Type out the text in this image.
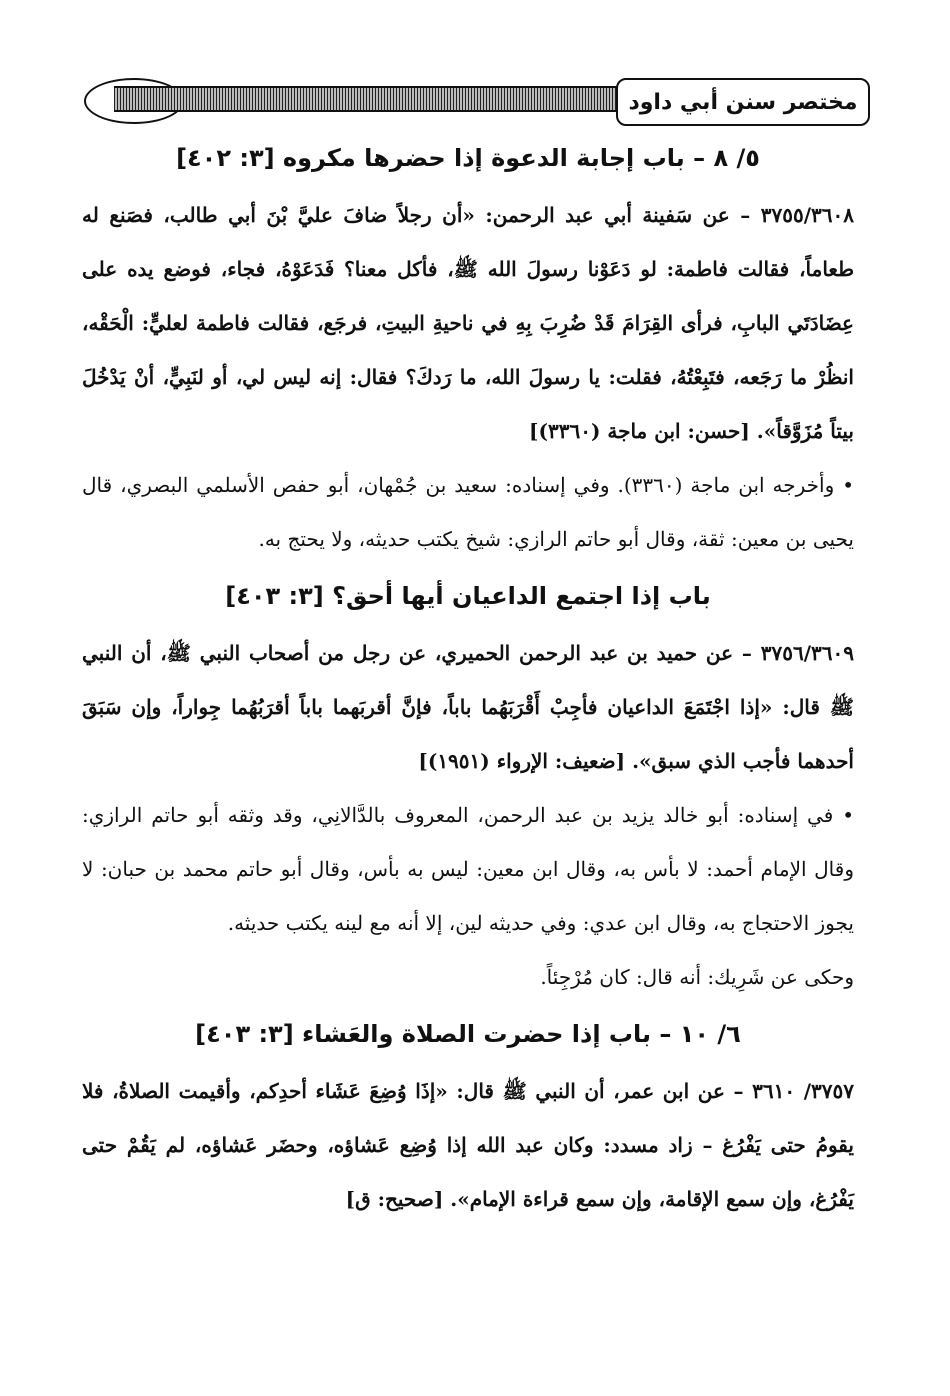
مختصر سنن أبي داود

٥/ ٨ – باب إجابة الدعوة إذا حضرها مكروه [٣: ٤٠٢]

٣٧٥٥/٣٦٠٨ – عن سَفينة أبي عبد الرحمن: «أن رجلاً ضافَ عليَّ بْنَ أبي طالب، فصَنع له طعاماً، فقالت فاطمة: لو دَعَوْنا رسولَ الله ﷺ، فأكل معنا؟ فَدَعَوْهُ، فجاء، فوضع يده على عِضَادَتَي البابِ، فرأى القِرَامَ قَدْ ضُرِبَ بِهِ في ناحيةِ البيتِ، فرجَع، فقالت فاطمة لعليٍّ: الْحَقْه، انظُرْ ما رَجَعه، فتَبِعْتُهُ، فقلت: يا رسولَ الله، ما رَدكَ؟ فقال: إنه ليس لي، أو لنَبِيٍّ، أنْ يَدْخُلَ بيتاً مُزَوَّقاً». [حسن: ابن ماجة (٣٣٦٠)]

• وأخرجه ابن ماجة (٣٣٦٠). وفي إسناده: سعيد بن جُمْهان، أبو حفص الأسلمي البصري، قال يحيى بن معين: ثقة، وقال أبو حاتم الرازي: شيخ يكتب حديثه، ولا يحتج به.

باب إذا اجتمع الداعيان أيها أحق؟ [٣: ٤٠٣]

٣٧٥٦/٣٦٠٩ – عن حميد بن عبد الرحمن الحميري، عن رجل من أصحاب النبي ﷺ، أن النبي ﷺ قال: «إذا اجْتَمَعَ الداعيان فأجِبْ أَقْرَبَهُما باباً، فإنَّ أقربَهما باباً أقرَبُهُما جِواراً، وإن سَبَقَ أحدهما فأجب الذي سبق». [ضعيف: الإرواء (١٩٥١)]

• في إسناده: أبو خالد يزيد بن عبد الرحمن، المعروف بالدَّالانِي، وقد وثقه أبو حاتم الرازي: وقال الإمام أحمد: لا بأس به، وقال ابن معين: ليس به بأس، وقال أبو حاتم محمد بن حبان: لا يجوز الاحتجاج به، وقال ابن عدي: وفي حديثه لين، إلا أنه مع لينه يكتب حديثه.

وحكى عن شَرِيك: أنه قال: كان مُرْجِئاً.

٦/ ١٠ – باب إذا حضرت الصلاة والعَشاء [٣: ٤٠٣]

٣٧٥٧/ ٣٦١٠ – عن ابن عمر، أن النبي ﷺ قال: «إذَا وُضِعَ عَشَاء أحدِكم، وأقيمت الصلاةُ، فلا يقومُ حتى يَفْرُغ – زاد مسدد: وكان عبد الله إذا وُضِع عَشاؤه، وحضَر عَشاؤه، لم يَقُمْ حتى يَفْرُغ، وإن سمع الإقامة، وإن سمع قراءة الإمام». [صحيح: ق]
